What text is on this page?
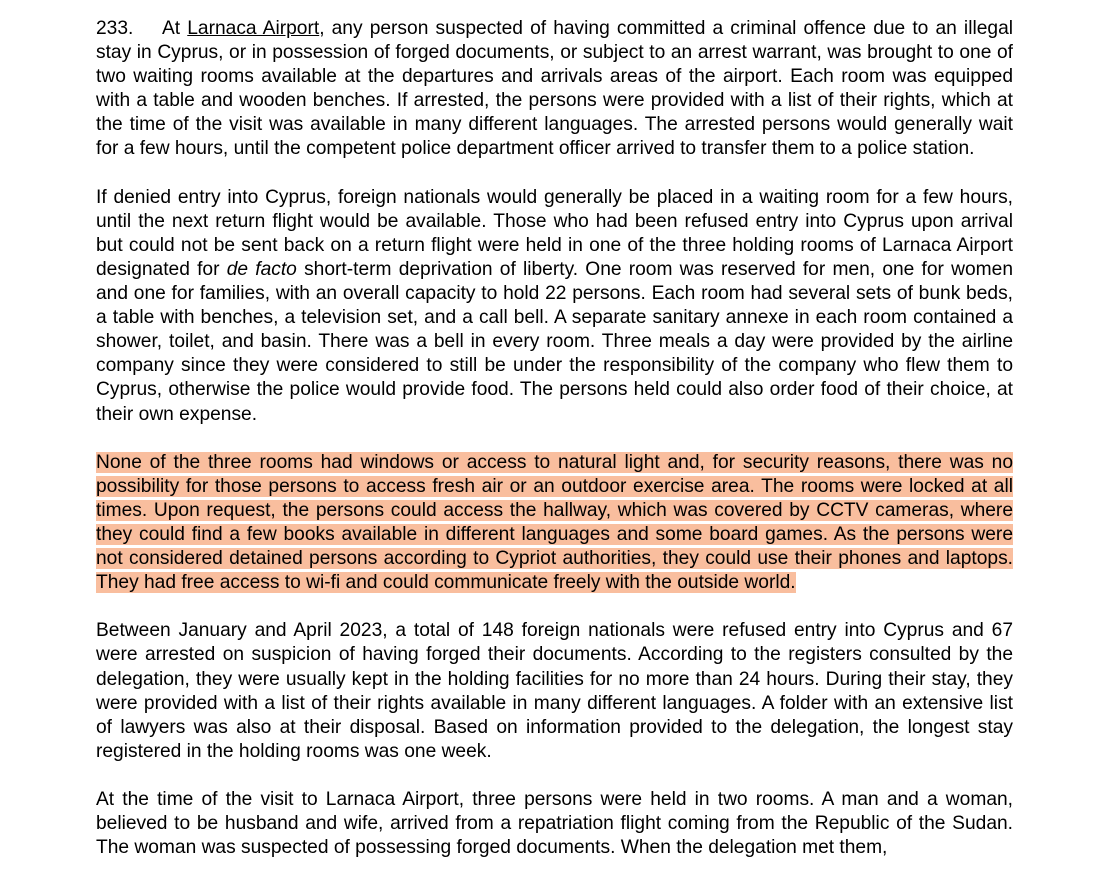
233. At Larnaca Airport, any person suspected of having committed a criminal offence due to an illegal stay in Cyprus, or in possession of forged documents, or subject to an arrest warrant, was brought to one of two waiting rooms available at the departures and arrivals areas of the airport. Each room was equipped with a table and wooden benches. If arrested, the persons were provided with a list of their rights, which at the time of the visit was available in many different languages. The arrested persons would generally wait for a few hours, until the competent police department officer arrived to transfer them to a police station.

If denied entry into Cyprus, foreign nationals would generally be placed in a waiting room for a few hours, until the next return flight would be available. Those who had been refused entry into Cyprus upon arrival but could not be sent back on a return flight were held in one of the three holding rooms of Larnaca Airport designated for de facto short-term deprivation of liberty. One room was reserved for men, one for women and one for families, with an overall capacity to hold 22 persons. Each room had several sets of bunk beds, a table with benches, a television set, and a call bell. A separate sanitary annexe in each room contained a shower, toilet, and basin. There was a bell in every room. Three meals a day were provided by the airline company since they were considered to still be under the responsibility of the company who flew them to Cyprus, otherwise the police would provide food. The persons held could also order food of their choice, at their own expense.

None of the three rooms had windows or access to natural light and, for security reasons, there was no possibility for those persons to access fresh air or an outdoor exercise area. The rooms were locked at all times. Upon request, the persons could access the hallway, which was covered by CCTV cameras, where they could find a few books available in different languages and some board games. As the persons were not considered detained persons according to Cypriot authorities, they could use their phones and laptops. They had free access to wi-fi and could communicate freely with the outside world.

Between January and April 2023, a total of 148 foreign nationals were refused entry into Cyprus and 67 were arrested on suspicion of having forged their documents. According to the registers consulted by the delegation, they were usually kept in the holding facilities for no more than 24 hours. During their stay, they were provided with a list of their rights available in many different languages. A folder with an extensive list of lawyers was also at their disposal. Based on information provided to the delegation, the longest stay registered in the holding rooms was one week.

At the time of the visit to Larnaca Airport, three persons were held in two rooms. A man and a woman, believed to be husband and wife, arrived from a repatriation flight coming from the Republic of the Sudan. The woman was suspected of possessing forged documents. When the delegation met them,
